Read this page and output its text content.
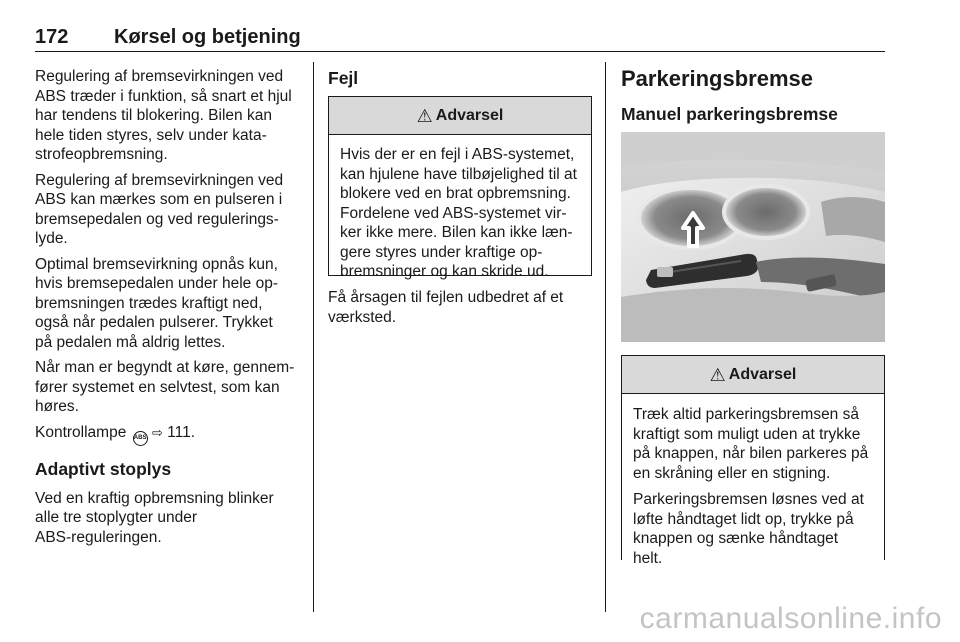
172 Kørsel og betjening

Regulering af bremsevirkningen ved
ABS træder i funktion, så snart et hjul
har tendens til blokering. Bilen kan
hele tiden styres, selv under kata-
strofeopbremsning.

Regulering af bremsevirkningen ved
ABS kan mærkes som en pulseren i
bremsepedalen og ved regulerings-
lyde.

Optimal bremsevirkning opnås kun,
hvis bremsepedalen under hele op-
bremsningen trædes kraftigt ned,
også når pedalen pulserer. Trykket
på pedalen må aldrig lettes.

Når man er begyndt at køre, gennem-
fører systemet en selvtest, som kan
høres.

Kontrollampe ABS ⇨ 111.

Adaptivt stoplys

Ved en kraftig opbremsning blinker
alle tre stoplygter under
ABS-reguleringen.

Fejl
⚠ Advarsel
Hvis der er en fejl i ABS-systemet,
kan hjulene have tilbøjelighed til at
blokere ved en brat opbremsning.
Fordelene ved ABS-systemet vir-
ker ikke mere. Bilen kan ikke læn-
gere styres under kraftige op-
bremsninger og kan skride ud.
Få årsagen til fejlen udbedret af et
værksted.
Parkeringsbremse
Manuel parkeringsbremse
⚠ Advarsel

Træk altid parkeringsbremsen så
kraftigt som muligt uden at trykke
på knappen, når bilen parkeres på
en skråning eller en stigning.

Parkeringsbremsen løsnes ved at
løfte håndtaget lidt op, trykke på
knappen og sænke håndtaget
helt.

carmanualsonline.info
